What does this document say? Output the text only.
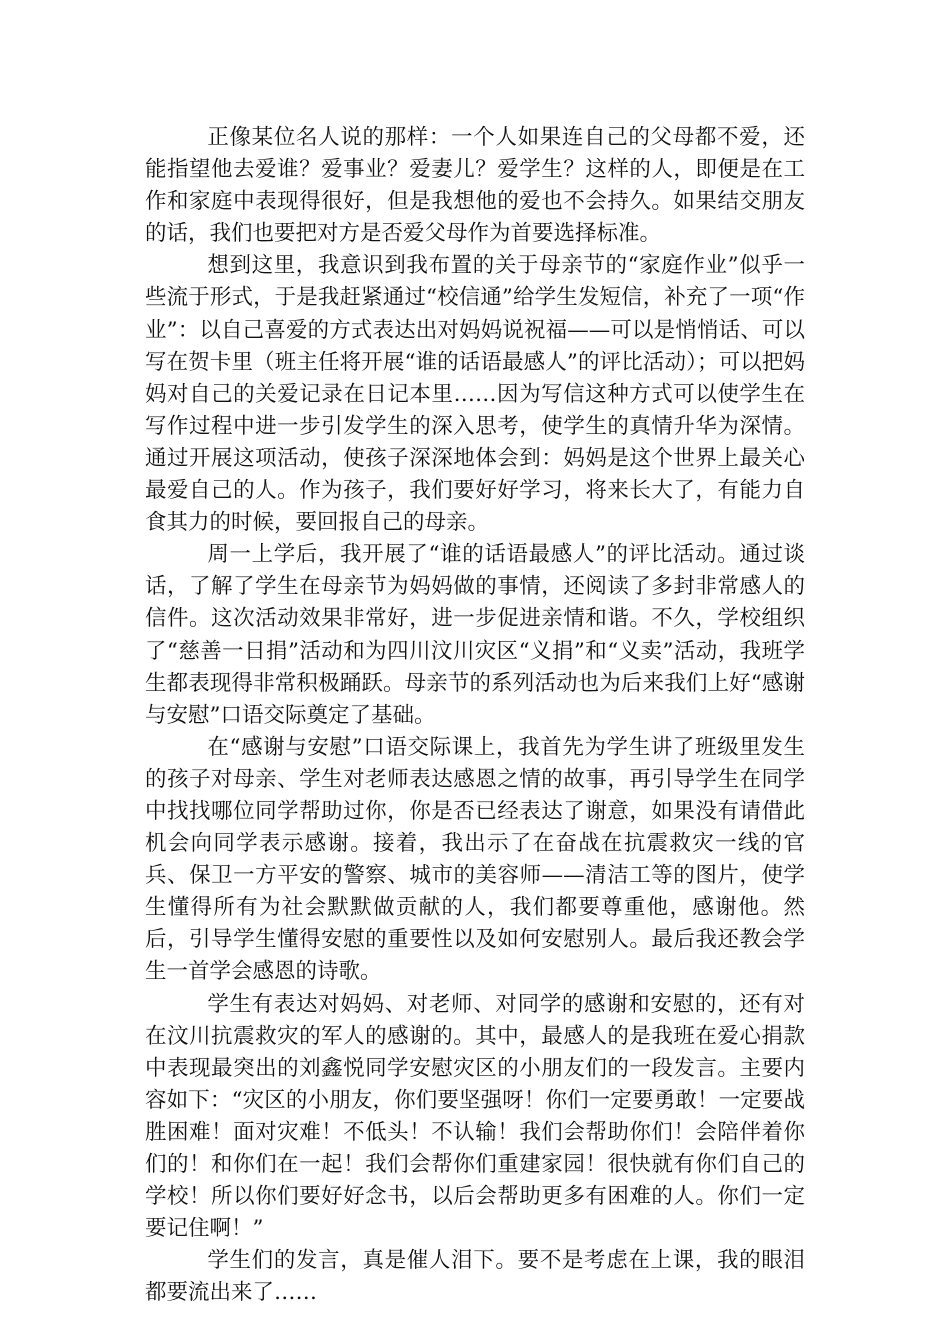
正像某位名人说的那样：一个人如果连自己的父母都不爱，还能指望他去爱谁？爱事业？爱妻儿？爱学生？这样的人，即便是在工作和家庭中表现得很好，但是我想他的爱也不会持久。如果结交朋友的话，我们也要把对方是否爱父母作为首要选择标准。

想到这里，我意识到我布置的关于母亲节的“家庭作业”似乎一些流于形式，于是我赶紧通过“校信通”给学生发短信，补充了一项“作业”：以自己喜爱的方式表达出对妈妈说祝福——可以是悄悄话、可以写在贺卡里（班主任将开展“谁的话语最感人”的评比活动）；可以把妈妈对自己的关爱记录在日记本里……因为写信这种方式可以使学生在写作过程中进一步引发学生的深入思考，使学生的真情升华为深情。通过开展这项活动，使孩子深深地体会到：妈妈是这个世界上最关心最爱自己的人。作为孩子，我们要好好学习，将来长大了，有能力自食其力的时候，要回报自己的母亲。

周一上学后，我开展了“谁的话语最感人”的评比活动。通过谈话，了解了学生在母亲节为妈妈做的事情，还阅读了多封非常感人的信件。这次活动效果非常好，进一步促进亲情和谐。不久，学校组织了“慈善一日捐”活动和为四川汶川灾区“义捐”和“义卖”活动，我班学生都表现得非常积极踊跃。母亲节的系列活动也为后来我们上好“感谢与安慰”口语交际奠定了基础。

在“感谢与安慰”口语交际课上，我首先为学生讲了班级里发生的孩子对母亲、学生对老师表达感恩之情的故事，再引导学生在同学中找找哪位同学帮助过你，你是否已经表达了谢意，如果没有请借此机会向同学表示感谢。接着，我出示了在奋战在抗震救灾一线的官兵、保卫一方平安的警察、城市的美容师——清洁工等的图片，使学生懂得所有为社会默默做贡献的人，我们都要尊重他，感谢他。然后，引导学生懂得安慰的重要性以及如何安慰别人。最后我还教会学生一首学会感恩的诗歌。

学生有表达对妈妈、对老师、对同学的感谢和安慰的，还有对在汶川抗震救灾的军人的感谢的。其中，最感人的是我班在爱心捐款中表现最突出的刘鑫悦同学安慰灾区的小朋友们的一段发言。主要内容如下：“灾区的小朋友，你们要坚强呀！你们一定要勇敢！一定要战胜困难！面对灾难！不低头！不认输！我们会帮助你们！会陪伴着你们的！和你们在一起！我们会帮你们重建家园！很快就有你们自己的学校！所以你们要好好念书，以后会帮助更多有困难的人。你们一定要记住啊！”

学生们的发言，真是催人泪下。要不是考虑在上课，我的眼泪都要流出来了……
